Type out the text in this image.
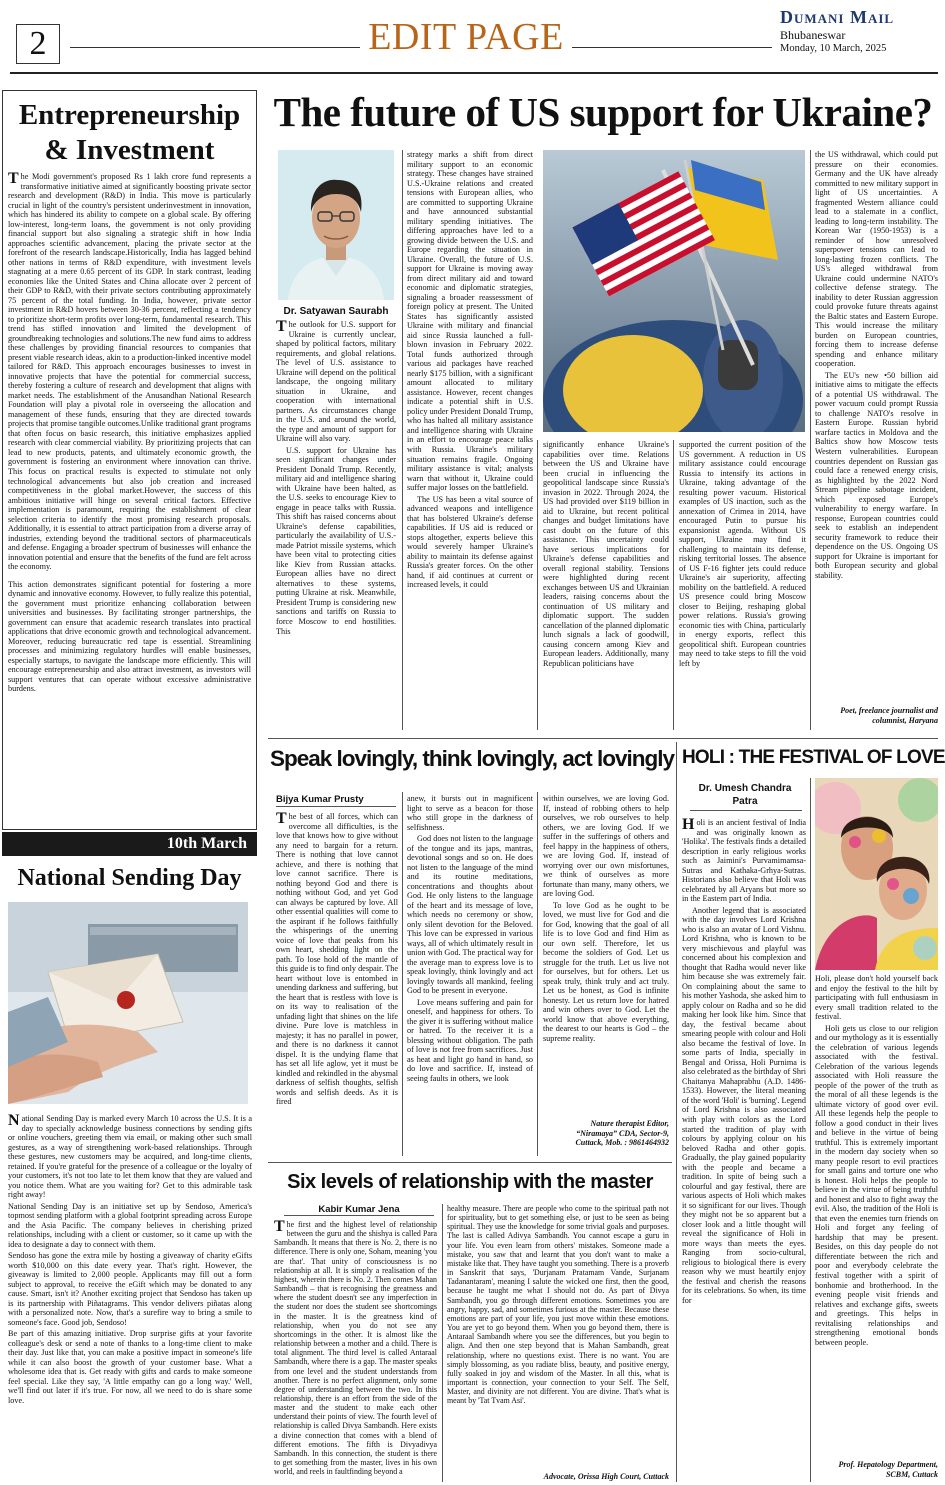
2	EDIT PAGE	Dumani Mail
Bhubaneswar
Monday, 10 March, 2025
Entrepreneurship
& Investment

The Modi government's proposed Rs 1 lakh crore fund represents a transformative initiative aimed at significantly boosting private sector research and development (R&D) in India. This move is particularly crucial in light of the country's persistent underinvestment in innovation, which has hindered its ability to compete on a global scale. By offering low-interest, long-term loans, the government is not only providing financial support but also signaling a strategic shift in how India approaches scientific advancement, placing the private sector at the forefront of the research landscape.Historically, India has lagged behind other nations in terms of R&D expenditure, with investment levels stagnating at a mere 0.65 percent of its GDP. In stark contrast, leading economies like the United States and China allocate over 2 percent of their GDP to R&D, with their private sectors contributing approximately 75 percent of the total funding. In India, however, private sector investment in R&D hovers between 30-36 percent, reflecting a tendency to prioritize short-term profits over long-term, fundamental research. This trend has stifled innovation and limited the development of groundbreaking technologies and solutions.The new fund aims to address these challenges by providing financial resources to companies that present viable research ideas, akin to a production-linked incentive model tailored for R&D. This approach encourages businesses to invest in innovative projects that have the potential for commercial success, thereby fostering a culture of research and development that aligns with market needs. The establishment of the Anusandhan National Research Foundation will play a pivotal role in overseeing the allocation and management of these funds, ensuring that they are directed towards projects that promise tangible outcomes.Unlike traditional grant programs that often focus on basic research, this initiative emphasizes applied research with clear commercial viability. By prioritizing projects that can lead to new products, patents, and ultimately economic growth, the government is fostering an environment where innovation can thrive. This focus on practical results is expected to stimulate not only technological advancements but also job creation and increased competitiveness in the global market.However, the success of this ambitious initiative will hinge on several critical factors. Effective implementation is paramount, requiring the establishment of clear selection criteria to identify the most promising research proposals. Additionally, it is essential to attract participation from a diverse array of industries, extending beyond the traditional sectors of pharmaceuticals and defense. Engaging a broader spectrum of businesses will enhance the innovation potential and ensure that the benefits of the fund are felt across the economy.

This action demonstrates significant potential for fostering a more dynamic and innovative economy. However, to fully realize this potential, the government must prioritize enhancing collaboration between universities and businesses. By facilitating stronger partnerships, the government can ensure that academic research translates into practical applications that drive economic growth and technological advancement. Moreover, reducing bureaucratic red tape is essential. Streamlining processes and minimizing regulatory hurdles will enable businesses, especially startups, to navigate the landscape more efficiently. This will encourage entrepreneurship and also attract investment, as investors will support ventures that can operate without excessive administrative burdens.

10th March
National Sending Day

National Sending Day is marked every March 10 across the U.S. It is a day to specially acknowledge business connections by sending gifts or online vouchers, greeting them via email, or making other such small gestures, as a way of strengthening work-based relationships. Through these gestures, new customers may be acquired, and long-time clients, retained. If you're grateful for the presence of a colleague or the loyalty of your customers, it's not too late to let them know that they are valued and you notice them. What are you waiting for? Get to this admirable task right away!

National Sending Day is an initiative set up by Sendoso, America's topmost sending platform with a global footprint spreading across Europe and the Asia Pacific. The company believes in cherishing prized relationships, including with a client or customer, so it came up with the idea to designate a day to connect with them.

Sendoso has gone the extra mile by hosting a giveaway of charity eGifts worth $10,000 on this date every year. That's right. However, the giveaway is limited to 2,000 people. Applicants may fill out a form subject to approval, to receive the eGift which may be donated to any cause. Smart, isn't it? Another exciting project that Sendoso has taken up is its partnership with Piñatagrams. This vendor delivers piñatas along with a personalized note. Now, that's a surefire way to bring a smile to someone's face. Good job, Sendoso!

Be part of this amazing initiative. Drop surprise gifts at your favorite colleague's desk or send a note of thanks to a long-time client to make their day. Just like that, you can make a positive impact in someone's life while it can also boost the growth of your customer base. What a wholesome idea that is. Get ready with gifts and cards to make someone feel special. Like they say, 'A little empathy can go a long way.' Well, we'll find out later if it's true. For now, all we need to do is share some love.

The future of US support for Ukraine?
Dr. Satyawan Saurabh

The outlook for U.S. support for Ukraine is currently unclear, shaped by political factors, military requirements, and global relations. The level of U.S. assistance to Ukraine will depend on the political landscape, the ongoing military situation in Ukraine, and cooperation with international partners. As circumstances change in the U.S. and around the world, the type and amount of support for Ukraine will also vary.

U.S. support for Ukraine has seen significant changes under President Donald Trump. Recently, military aid and intelligence sharing with Ukraine have been halted, as the U.S. seeks to encourage Kiev to engage in peace talks with Russia. This shift has raised concerns about Ukraine's defense capabilities, particularly the availability of U.S.-made Patriot missile systems, which have been vital to protecting cities like Kiev from Russian attacks. European allies have no direct alternatives to these systems, putting Ukraine at risk. Meanwhile, President Trump is considering new sanctions and tariffs on Russia to force Moscow to end hostilities. This

strategy marks a shift from direct military support to an economic strategy. These changes have strained U.S.-Ukraine relations and created tensions with European allies, who are committed to supporting Ukraine and have announced substantial military spending initiatives. The differing approaches have led to a growing divide between the U.S. and Europe regarding the situation in Ukraine. Overall, the future of U.S. support for Ukraine is moving away from direct military aid and toward economic and diplomatic strategies, signaling a broader reassessment of foreign policy at present. The United States has significantly assisted Ukraine with military and financial aid since Russia launched a full-blown invasion in February 2022. Total funds authorized through various aid packages have reached nearly $175 billion, with a significant amount allocated to military assistance. However, recent changes indicate a potential shift in U.S. policy under President Donald Trump, who has halted all military assistance and intelligence sharing with Ukraine in an effort to encourage peace talks with Russia. Ukraine's military situation remains fragile. Ongoing military assistance is vital; analysts warn that without it, Ukraine could suffer major losses on the battlefield.

The US has been a vital source of advanced weapons and intelligence that has bolstered Ukraine's defense capabilities. If US aid is reduced or stops altogether, experts believe this would severely hamper Ukraine's ability to maintain its defense against Russia's greater forces. On the other hand, if aid continues at current or increased levels, it could

significantly enhance Ukraine's capabilities over time. Relations between the US and Ukraine have been crucial in influencing the geopolitical landscape since Russia's invasion in 2022. Through 2024, the US had provided over $119 billion in aid to Ukraine, but recent political changes and budget limitations have cast doubt on the future of this assistance. This uncertainty could have serious implications for Ukraine's defense capabilities and overall regional stability. Tensions were highlighted during recent exchanges between US and Ukrainian leaders, raising concerns about the continuation of US military and diplomatic support. The sudden cancellation of the planned diplomatic lunch signals a lack of goodwill, causing concern among Kiev and European leaders. Additionally, many Republican politicians have

supported the current position of the US government. A reduction in US military assistance could encourage Russia to intensify its actions in Ukraine, taking advantage of the resulting power vacuum. Historical examples of US inaction, such as the annexation of Crimea in 2014, have encouraged Putin to pursue his expansionist agenda. Without US support, Ukraine may find it challenging to maintain its defense, risking territorial losses. The absence of US F-16 fighter jets could reduce Ukraine's air superiority, affecting mobility on the battlefield. A reduced US presence could bring Moscow closer to Beijing, reshaping global power relations. Russia's growing economic ties with China, particularly in energy exports, reflect this geopolitical shift. European countries may need to take steps to fill the void left by

the US withdrawal, which could put pressure on their economies. Germany and the UK have already committed to new military support in light of US uncertainties. A fragmented Western alliance could lead to a stalemate in a conflict, leading to long-term instability. The Korean War (1950-1953) is a reminder of how unresolved superpower tensions can lead to long-lasting frozen conflicts. The US's alleged withdrawal from Ukraine could undermine NATO's collective defense strategy. The inability to deter Russian aggression could provoke future threats against the Baltic states and Eastern Europe. This would increase the military burden on European countries, forcing them to increase defense spending and enhance military cooperation.

The EU's new •50 billion aid initiative aims to mitigate the effects of a potential US withdrawal. The power vacuum could prompt Russia to challenge NATO's resolve in Eastern Europe. Russian hybrid warfare tactics in Moldova and the Baltics show how Moscow tests Western vulnerabilities. European countries dependent on Russian gas could face a renewed energy crisis, as highlighted by the 2022 Nord Stream pipeline sabotage incident, which exposed Europe's vulnerability to energy warfare. In response, European countries could seek to establish an independent security framework to reduce their dependence on the US. Ongoing US support for Ukraine is important for both European security and global stability.

Poet, freelance journalist and
columnist, Haryana
Speak lovingly, think lovingly, act lovingly
Bijya Kumar Prusty

The best of all forces, which can overcome all difficulties, is the love that knows how to give without any need to bargain for a return. There is nothing that love cannot achieve, and there is nothing that love cannot sacrifice. There is nothing beyond God and there is nothing without God, and yet God can always be captured by love. All other essential qualities will come to the aspirant if he follows faithfully the whisperings of the unerring voice of love that peaks from his own heart, shedding light on the path. To lose hold of the mantle of this guide is to find only despair. The heart without love is entombed in unending darkness and suffering, but the heart that is restless with love is on its way to realisation of the unfading light that shines on the life divine. Pure love is matchless in majesty; it has no parallel in power, and there is no darkness it cannot dispel. It is the undying flame that has set all life aglow, yet it must be kindled and rekindled in the abysmal darkness of selfish thoughts, selfish words and selfish deeds. As it is fired

anew, it bursts out in magnificent light to serve as a beacon for those who still grope in the darkness of selfishness.

God does not listen to the language of the tongue and its japs, mantras, devotional songs and so on. He does not listen to the language of the mind and its routine meditations, concentrations and thoughts about God. He only listens to the language of the heart and its message of love, which needs no ceremony or show, only silent devotion for the Beloved. This love can be expressed in various ways, all of which ultimately result in union with God. The practical way for the average man to express love is to speak lovingly, think lovingly and act lovingly towards all mankind, feeling God to be present in everyone.

Love means suffering and pain for oneself, and happiness for others. To the giver it is suffering without malice or hatred. To the receiver it is a blessing without obligation. The path of love is not free from sacrifices. Just as heat and light go hand in hand, so do love and sacrifice. If, instead of seeing faults in others, we look

within ourselves, we are loving God. If, instead of robbing others to help ourselves, we rob ourselves to help others, we are loving God. If we suffer in the sufferings of others and feel happy in the happiness of others, we are loving God. If, instead of worrying over our own misfortunes, we think of ourselves as more fortunate than many, many others, we are loving God.

To love God as he ought to be loved, we must live for God and die for God, knowing that the goal of all life is to love God and find Him as our own self. Therefore, let us become the soldiers of God. Let us struggle for the truth. Let us live not for ourselves, but for others. Let us speak truly, think truly and act truly. Let us be honest, as God is infinite honesty. Let us return love for hatred and win others over to God. Let the world know that above everything, the dearest to our hearts is God – the supreme reality.

Nature therapist Editor,
“Niramaya” CDA, Sector-9,
Cuttack, Mob. : 9861464932
HOLI : THE FESTIVAL OF LOVE
Dr. Umesh Chandra
Patra

Holi is an ancient festival of India and was originally known as 'Holika'. The festivals finds a detailed description in early religious works such as Jaimini's Purvamimamsa-Sutras and Kathaka-Grhya-Sutras. Historians also believe that Holi was celebrated by all Aryans but more so in the Eastern part of India.

Another legend that is associated with the day involves Lord Krishna who is also an avatar of Lord Vishnu. Lord Krishna, who is known to be very mischievous and playful was concerned about his complexion and thought that Radha would never like him because she was extremely fair. On complaining about the same to his mother Yashoda, she asked him to apply colour on Radha and so he did making her look like him. Since that day, the festival became about smearing people with colour and Holi also became the festival of love. In some parts of India, specially in Bengal and Orissa, Holi Purnima is also celebrated as the birthday of Shri Chaitanya Mahaprabhu (A.D. 1486-1533). However, the literal meaning of the word 'Holi' is 'burning'. Legend of Lord Krishna is also associated with play with colors as the Lord started the tradition of play with colours by applying colour on his beloved Radha and other gopis. Gradually, the play gained popularity with the people and became a tradition. In spite of being such a colourful and gay festival, there are various aspects of Holi which makes it so significant for our lives. Though they might not be so apparent but a closer look and a little thought will reveal the significance of Holi in more ways than meets the eyes. Ranging from socio-cultural, religious to biological there is every reason why we must heartily enjoy the festival and cherish the reasons for its celebrations. So when, its time for

Holi, please don't hold yourself back and enjoy the festival to the hilt by participating with full enthusiasm in every small tradition related to the festival.

Holi gets us close to our religion and our mythology as it is essentially the celebration of various legends associated with the festival. Celebration of the various legends associated with Holi reassure the people of the power of the truth as the moral of all these legends is the ultimate victory of good over evil. All these legends help the people to follow a good conduct in their lives and believe in the virtue of being truthful. This is extremely important in the modern day society when so many people resort to evil practices for small gains and torture one who is honest. Holi helps the people to believe in the virtue of being truthful and honest and also to fight away the evil. Also, the tradition of the Holi is that even the enemies turn friends on Holi and forget any feeling of hardship that may be present. Besides, on this day people do not differentiate between the rich and poor and everybody celebrate the festival together with a spirit of bonhomie and brotherhood. In the evening people visit friends and relatives and exchange gifts, sweets and greetings. This helps in revitalising relationships and strengthening emotional bonds between people.

Prof. Hepatology Department,
SCBM, Cuttack
Six levels of relationship with the master
Kabir Kumar Jena

The first and the highest level of relationship between the guru and the shishya is called Para Sambandh. It means that there is No. 2, there is no difference. There is only one, Soham, meaning 'you are that'. That unity of consciousness is no relationship at all. It is simply a realisation of the highest, wherein there is No. 2. Then comes Mahan Sambandh – that is recognising the greatness and where the student doesn't see any imperfection in the student nor does the student see shortcomings in the master. It is the greatness kind of relationship, when you do not see any shortcomings in the other. It is almost like the relationship between a mother and a child. There is total alignment. The third level is called Antaraal Sambandh, where there is a gap. The master speaks from one level and the student understands from another. There is no perfect alignment, only some degree of understanding between the two. In this relationship, there is an effort from the side of the master and the student to make each other understand their points of view. The fourth level of relationship is called Divya Sambandh. Here exists a divine connection that comes with a blend of different emotions. The fifth is Divyadivya Sambandh. In this connection, the student is there to get something from the master, lives in his own world, and reels in faultfinding beyond a

healthy measure. There are people who come to the spiritual path not for spirituality, but to get something else, or just to be seen as being spiritual. They use the knowledge for some trivial goals and purposes. The last is called Adivya Sambandh. You cannot escape a guru in your life. You even learn from others' mistakes. Someone made a mistake, you saw that and learnt that you don't want to make a mistake like that. They have taught you something. There is a proverb in Sanskrit that says, 'Durjanam Pratamam Vande, Surjanam Tadanantaram', meaning I salute the wicked one first, then the good, because he taught me what I should not do. As part of Divya Sambandh, you go through different emotions. Sometimes you are angry, happy, sad, and sometimes furious at the master. Because these emotions are part of your life, you just move within these emotions. You are yet to go beyond them. When you go beyond them, there is Antaraal Sambandh where you see the differences, but you begin to align. And then one step beyond that is Mahan Sambandh, great relationship, where no questions exist. There is no want. You are simply blossoming, as you radiate bliss, beauty, and positive energy, fully soaked in joy and wisdom of the Master. In all this, what is important is connection, your connection to your Self. The Self, Master, and divinity are not different. You are divine. That's what is meant by 'Tat Tvam Asi'.

Advocate, Orissa High Court, Cuttack
